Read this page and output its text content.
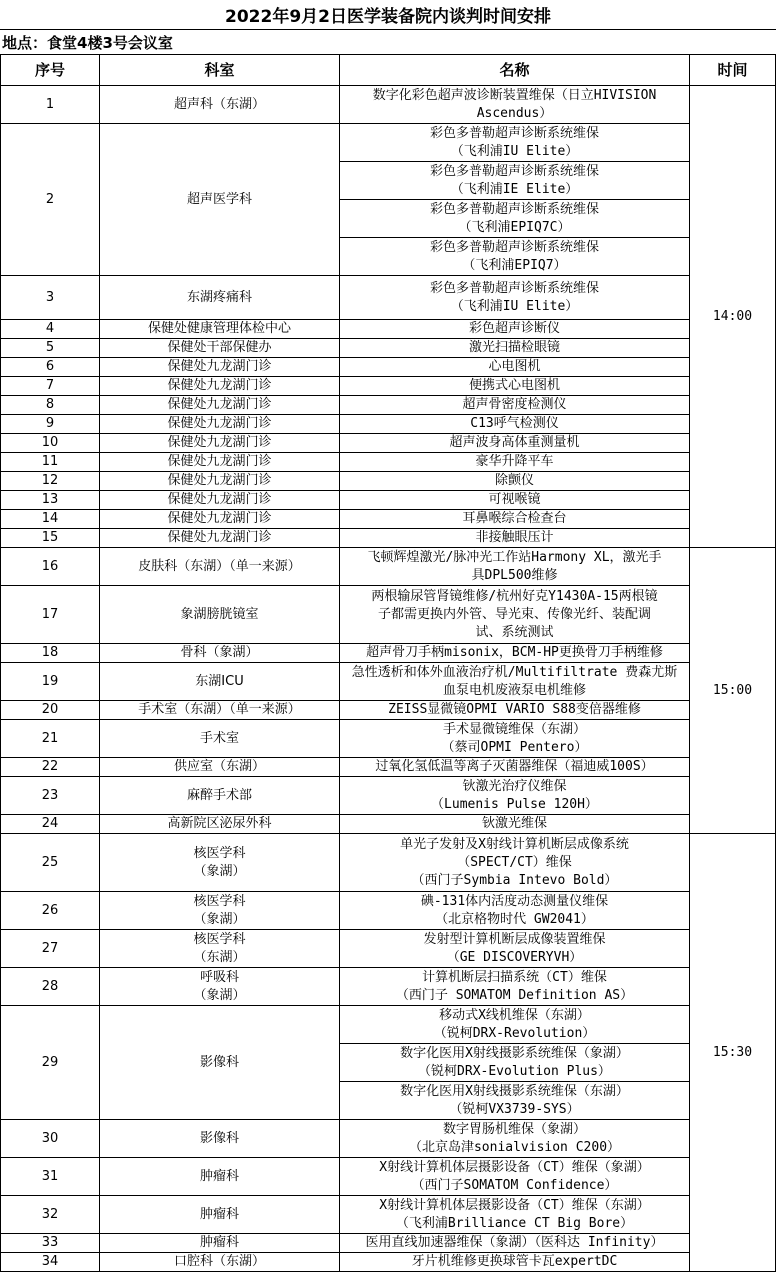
2022年9月2日医学装备院内谈判时间安排
地点：食堂4楼3号会议室
序号	科室	名称	时间
1	超声科（东湖）	数字化彩色超声波诊断装置维保（日立HIVISION
Ascendus）	14:00
2	超声医学科	彩色多普勒超声诊断系统维保
（飞利浦IU Elite）	

		彩色多普勒超声诊断系统维保
（飞利浦IE Elite）	

		彩色多普勒超声诊断系统维保
（飞利浦EPIQ7C）	

		彩色多普勒超声诊断系统维保
（飞利浦EPIQ7）	

3	东湖疼痛科	彩色多普勒超声诊断系统维保
（飞利浦IU Elite）	

4	保健处健康管理体检中心	彩色超声诊断仪	

5	保健处干部保健办	激光扫描检眼镜	

6	保健处九龙湖门诊	心电图机	

7	保健处九龙湖门诊	便携式心电图机	

8	保健处九龙湖门诊	超声骨密度检测仪	

9	保健处九龙湖门诊	C13呼气检测仪	

10	保健处九龙湖门诊	超声波身高体重测量机	

11	保健处九龙湖门诊	豪华升降平车	

12	保健处九龙湖门诊	除颤仪	

13	保健处九龙湖门诊	可视喉镜	

14	保健处九龙湖门诊	耳鼻喉综合检查台	

15	保健处九龙湖门诊	非接触眼压计	

16	皮肤科（东湖）（单一来源）	飞顿辉煌激光/脉冲光工作站Harmony XL，激光手
具DPL500维修	15:00
17	象湖膀胱镜室	两根输尿管肾镜维修/杭州好克Y1430A-15两根镜
子都需更换内外管、导光束、传像光纤、装配调
试、系统测试	

18	骨科（象湖）	超声骨刀手柄misonix，BCM-HP更换骨刀手柄维修	

19	东湖ICU	急性透析和体外血液治疗机/Multifiltrate 费森尤斯
血泵电机废液泵电机维修	

20	手术室（东湖）（单一来源）	ZEISS显微镜OPMI VARIO S88变倍器维修	

21	手术室	手术显微镜维保（东湖）
（蔡司OPMI Pentero）	

22	供应室（东湖）	过氧化氢低温等离子灭菌器维保（福迪威100S）	

23	麻醉手术部	钬激光治疗仪维保
（Lumenis Pulse 120H）	

24	高新院区泌尿外科	钬激光维保	

25	核医学科
（象湖）	单光子发射及X射线计算机断层成像系统
（SPECT/CT）维保
（西门子Symbia Intevo Bold）	15:30
26	核医学科
（象湖）	碘-131体内活度动态测量仪维保
（北京格物时代 GW2041）	

27	核医学科
（东湖）	发射型计算机断层成像装置维保
（GE DISCOVERYVH）	

28	呼吸科
（象湖）	计算机断层扫描系统（CT）维保
（西门子 SOMATOM Definition AS）	

29	影像科	移动式X线机维保（东湖）
（锐柯DRX-Revolution）	

		数字化医用X射线摄影系统维保（象湖）
（锐柯DRX-Evolution Plus）	

		数字化医用X射线摄影系统维保（东湖）
（锐柯VX3739-SYS）	

30	影像科	数字胃肠机维保（象湖）
（北京岛津sonialvision C200）	

31	肿瘤科	X射线计算机体层摄影设备（CT）维保（象湖）
（西门子SOMATOM Confidence）	

32	肿瘤科	X射线计算机体层摄影设备（CT）维保（东湖）
（飞利浦Brilliance CT Big Bore）	

33	肿瘤科	医用直线加速器维保（象湖）（医科达 Infinity）	

34	口腔科（东湖）	牙片机维修更换球管卡瓦expertDC	
